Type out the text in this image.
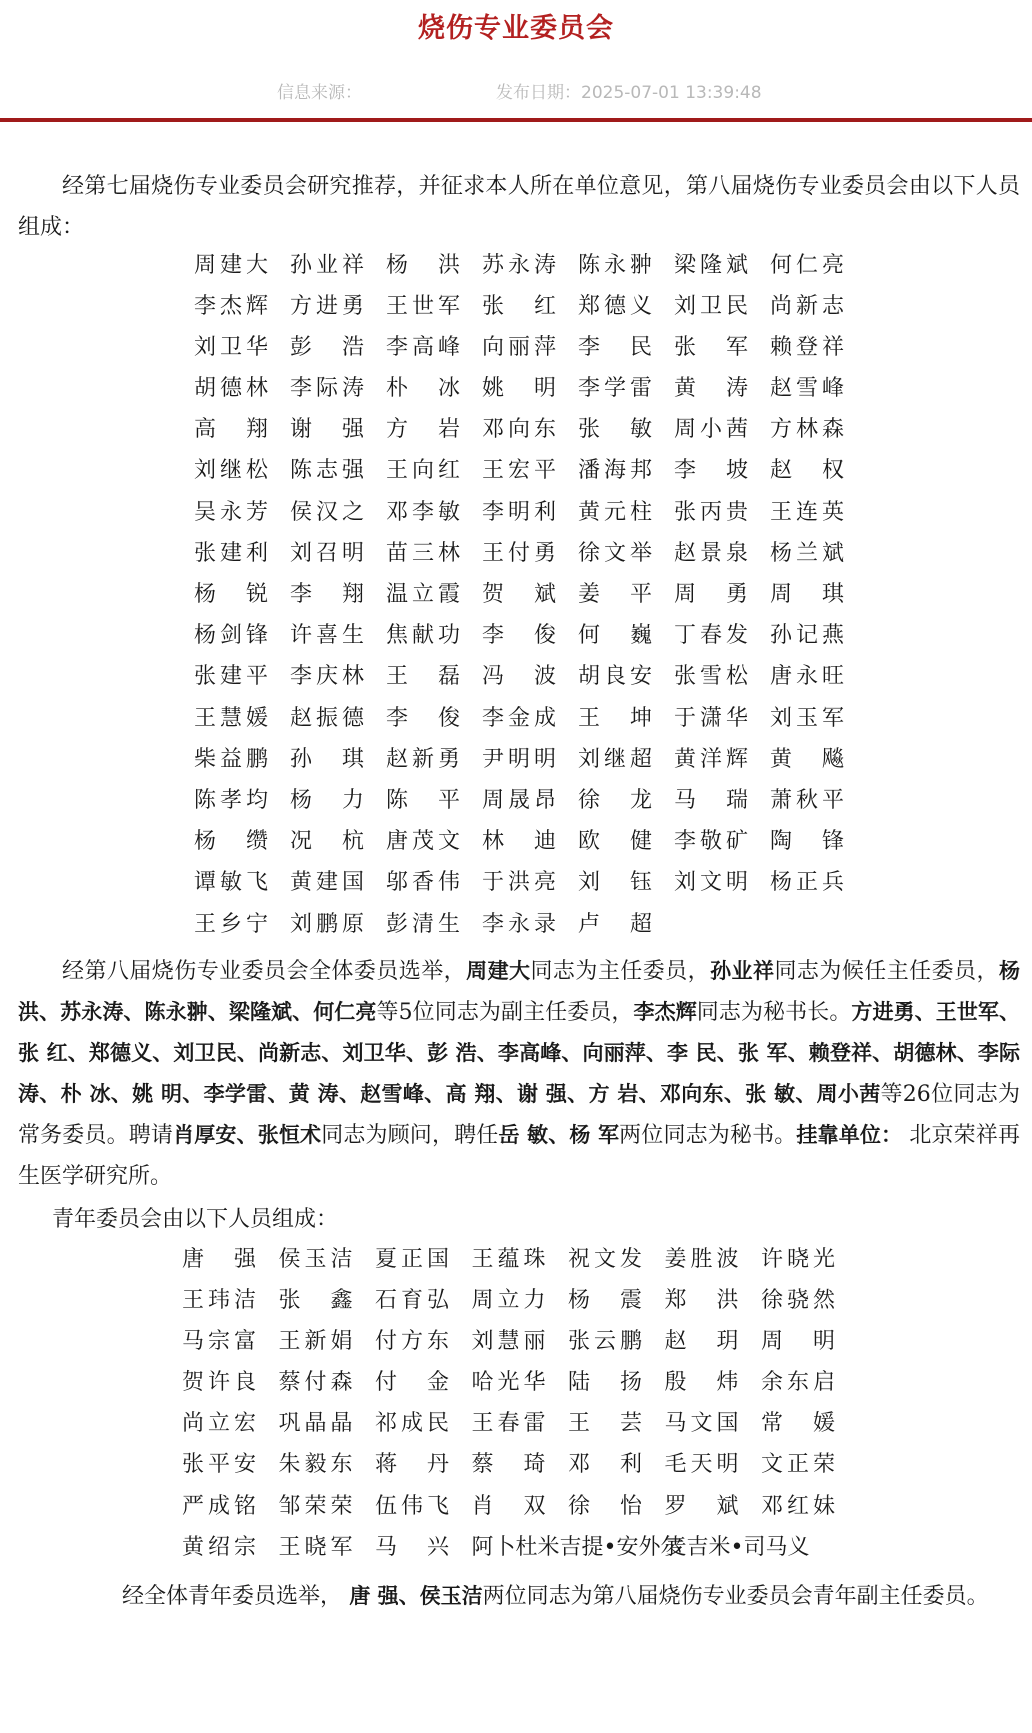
烧伤专业委员会
信息来源：	发布日期：2025-07-01 13:39:48

经第七届烧伤专业委员会研究推荐，并征求本人所在单位意见，第八届烧伤专业委员会由以下人员组成：

周 建 大 孙 业 祥 杨 洪 苏 永 涛 陈 永 翀 梁 隆 斌 何 仁 亮
李 杰 辉 方 进 勇 王 世 军 张 红 郑 德 义 刘 卫 民 尚 新 志
刘 卫 华 彭 浩 李 高 峰 向 丽 萍 李 民 张 军 赖 登 祥
胡 德 林 李 际 涛 朴 冰 姚 明 李 学 雷 黄 涛 赵 雪 峰
高 翔 谢 强 方 岩 邓 向 东 张 敏 周 小 茜 方 林 森
刘 继 松 陈 志 强 王 向 红 王 宏 平 潘 海 邦 李 坡 赵 权
吴 永 芳 侯 汉 之 邓 李 敏 李 明 利 黄 元 柱 张 丙 贵 王 连 英
张 建 利 刘 召 明 苗 三 林 王 付 勇 徐 文 举 赵 景 泉 杨 兰 斌
杨 锐 李 翔 温 立 霞 贺 斌 姜 平 周 勇 周 琪
杨 剑 锋 许 喜 生 焦 献 功 李 俊 何 巍 丁 春 发 孙 记 燕
张 建 平 李 庆 林 王 磊 冯 波 胡 良 安 张 雪 松 唐 永 旺
王 慧 媛 赵 振 德 李 俊 李 金 成 王 坤 于 潇 华 刘 玉 军
柴 益 鹏 孙 琪 赵 新 勇 尹 明 明 刘 继 超 黄 洋 辉 黄 飚
陈 孝 均 杨 力 陈 平 周 晟 昂 徐 龙 马 瑞 萧 秋 平
杨 缵 况 杭 唐 茂 文 林 迪 欧 健 李 敬 矿 陶 锋
谭 敏 飞 黄 建 国 邬 香 伟 于 洪 亮 刘 钰 刘 文 明 杨 正 兵
王 乡 宁 刘 鹏 原 彭 清 生 李 永 录 卢 超

经第八届烧伤专业委员会全体委员选举，周建大同志为主任委员，孙业祥同志为候任主任委员，杨 洪、苏永涛、陈永翀、梁隆斌、何仁亮等5位同志为副主任委员，李杰辉同志为秘书长。方进勇、王世军、张 红、郑德义、刘卫民、尚新志、刘卫华、彭 浩、李高峰、向丽萍、李 民、张 军、赖登祥、胡德林、李际涛、朴 冰、姚 明、李学雷、黄 涛、赵雪峰、高 翔、谢 强、方 岩、邓向东、张 敏、周小茜等26位同志为常务委员。聘请肖厚安、张恒术同志为顾问，聘任岳 敏、杨 军两位同志为秘书。挂靠单位： 北京荣祥再生医学研究所。

青年委员会由以下人员组成：

唐 强 侯 玉 洁 夏 正 国 王 蕴 珠 祝 文 发 姜 胜 波 许 晓 光
王 玮 洁 张 鑫 石 育 弘 周 立 力 杨 震 郑 洪 徐 骁 然
马 宗 富 王 新 娟 付 方 东 刘 慧 丽 张 云 鹏 赵 玥 周 明
贺 许 良 蔡 付 森 付 金 哈 光 华 陆 扬 殷 炜 余 东 启
尚 立 宏 巩 晶 晶 祁 成 民 王 春 雷 王 芸 马 文 国 常 媛
张 平 安 朱 毅 东 蒋 丹 蔡 琦 邓 利 毛 天 明 文 正 荣
严 成 铭 邹 荣 荣 伍 伟 飞 肖 双 徐 怡 罗 斌 邓 红 妹
黄 绍 宗 王 晓 军 马 兴 阿卜杜米吉提•安外尔
麦吉米•司马义

经全体青年委员选举， 唐 强、侯玉洁两位同志为第八届烧伤专业委员会青年副主任委员。
